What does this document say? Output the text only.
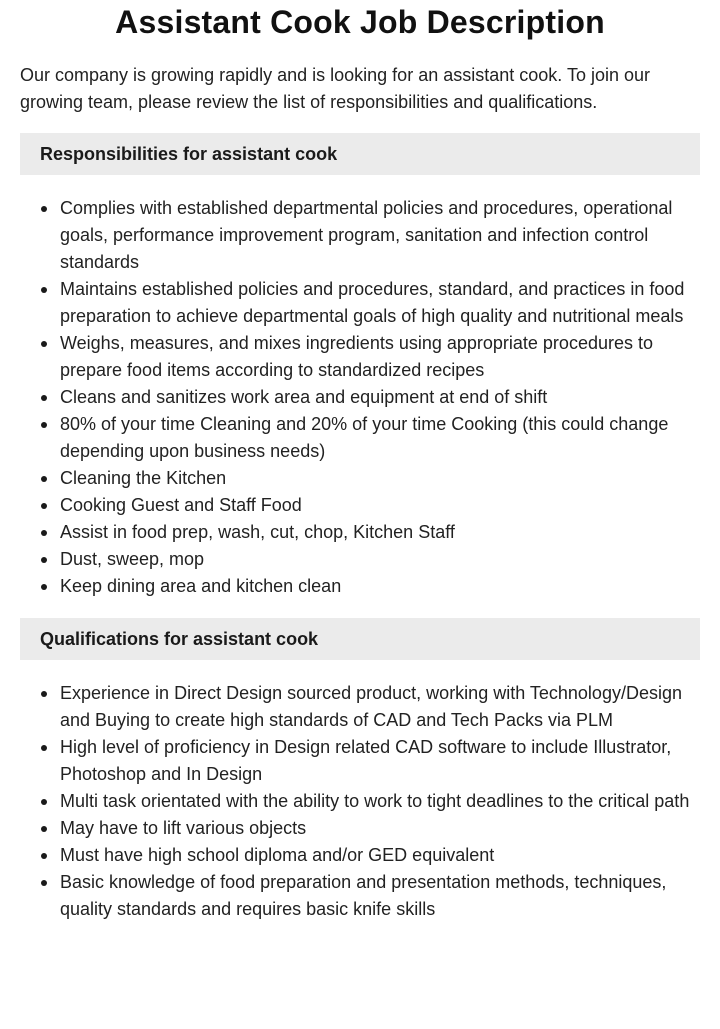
Assistant Cook Job Description

Our company is growing rapidly and is looking for an assistant cook. To join our growing team, please review the list of responsibilities and qualifications.

Responsibilities for assistant cook
Complies with established departmental policies and procedures, operational goals, performance improvement program, sanitation and infection control standards
Maintains established policies and procedures, standard, and practices in food preparation to achieve departmental goals of high quality and nutritional meals
Weighs, measures, and mixes ingredients using appropriate procedures to prepare food items according to standardized recipes
Cleans and sanitizes work area and equipment at end of shift
80% of your time Cleaning and 20% of your time Cooking (this could change depending upon business needs)
Cleaning the Kitchen
Cooking Guest and Staff Food
Assist in food prep, wash, cut, chop, Kitchen Staff
Dust, sweep, mop
Keep dining area and kitchen clean
Qualifications for assistant cook
Experience in Direct Design sourced product, working with Technology/Design and Buying to create high standards of CAD and Tech Packs via PLM
High level of proficiency in Design related CAD software to include Illustrator, Photoshop and In Design
Multi task orientated with the ability to work to tight deadlines to the critical path
May have to lift various objects
Must have high school diploma and/or GED equivalent
Basic knowledge of food preparation and presentation methods, techniques, quality standards and requires basic knife skills
